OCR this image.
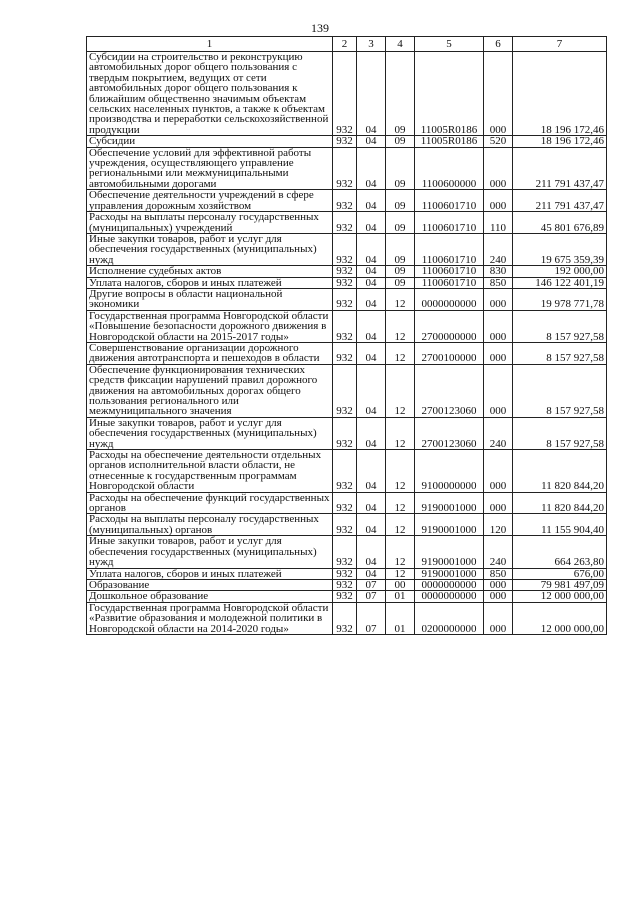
139
1	2	3	4	5	6	7
Субсидии на строительство и реконструкцию автомобильных дорог общего пользования с твердым покрытием, ведущих от сети автомобильных дорог общего пользования к ближайшим общественно значимым объектам сельских населенных пунктов, а также к объектам производства и переработки сельскохозяйственной продукции	932	04	09	11005R0186	000	18 196 172,46
Субсидии	932	04	09	11005R0186	520	18 196 172,46
Обеспечение условий для эффективной работы учреждения, осуществляющего управление региональными или межмуниципальными автомобильными дорогами	932	04	09	1100600000	000	211 791 437,47
Обеспечение деятельности учреждений в сфере управления дорожным хозяйством	932	04	09	1100601710	000	211 791 437,47
Расходы на выплаты персоналу государственных (муниципальных) учреждений	932	04	09	1100601710	110	45 801 676,89
Иные закупки товаров, работ и услуг для обеспечения государственных (муниципальных) нужд	932	04	09	1100601710	240	19 675 359,39
Исполнение судебных актов	932	04	09	1100601710	830	192 000,00
Уплата налогов, сборов и иных платежей	932	04	09	1100601710	850	146 122 401,19
Другие вопросы в области национальной экономики	932	04	12	0000000000	000	19 978 771,78
Государственная программа Новгородской области «Повышение безопасности дорожного движения в Новгородской области на 2015-2017 годы»	932	04	12	2700000000	000	8 157 927,58
Совершенствование организации дорожного движения автотранспорта и пешеходов в области	932	04	12	2700100000	000	8 157 927,58
Обеспечение функционирования технических средств фиксации нарушений правил дорожного движения на автомобильных дорогах общего пользования регионального или межмуниципального значения	932	04	12	2700123060	000	8 157 927,58
Иные закупки товаров, работ и услуг для обеспечения государственных (муниципальных) нужд	932	04	12	2700123060	240	8 157 927,58
Расходы на обеспечение деятельности отдельных органов исполнительной власти области, не отнесенные к государственным программам Новгородской области	932	04	12	9100000000	000	11 820 844,20
Расходы на обеспечение функций государственных органов	932	04	12	9190001000	000	11 820 844,20
Расходы на выплаты персоналу государственных (муниципальных) органов	932	04	12	9190001000	120	11 155 904,40
Иные закупки товаров, работ и услуг для обеспечения государственных (муниципальных) нужд	932	04	12	9190001000	240	664 263,80
Уплата налогов, сборов и иных платежей	932	04	12	9190001000	850	676,00
Образование	932	07	00	0000000000	000	79 981 497,09
Дошкольное образование	932	07	01	0000000000	000	12 000 000,00
Государственная программа Новгородской области «Развитие образования и молодежной политики в Новгородской области на 2014-2020 годы»	932	07	01	0200000000	000	12 000 000,00
